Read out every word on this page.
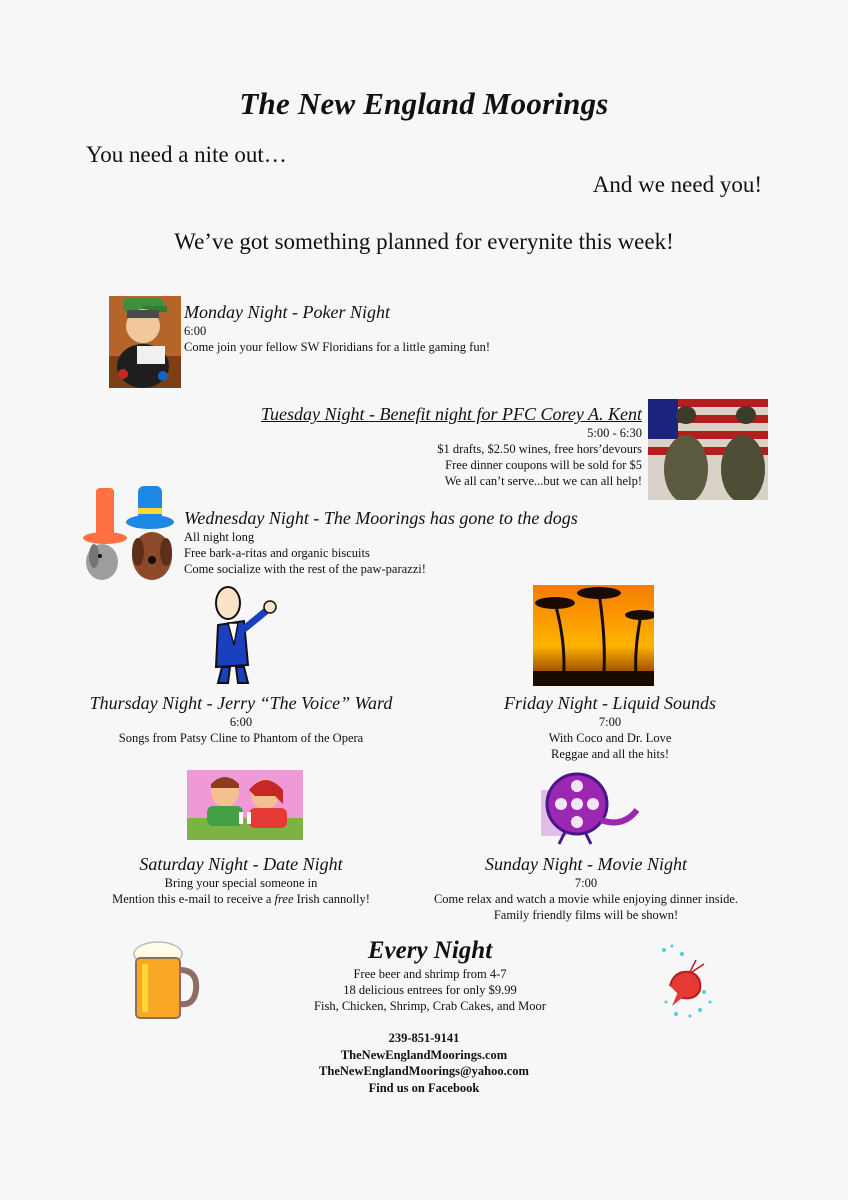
The New England Moorings
You need a nite out…
And we need you!
We’ve got something planned for everynite this week!
Monday Night - Poker Night
6:00
Come join your fellow SW Floridians for a little gaming fun!
Tuesday Night - Benefit night for PFC Corey A. Kent
5:00 - 6:30
$1 drafts, $2.50 wines, free hors’devours
Free dinner coupons will be sold for $5
We all can’t serve...but we can all help!
Wednesday Night - The Moorings has gone to the dogs
All night long
Free bark-a-ritas and organic biscuits
Come socialize with the rest of the paw-parazzi!
Thursday Night - Jerry “The Voice” Ward
6:00
Songs from Patsy Cline to Phantom of the Opera
Friday Night - Liquid Sounds
7:00
With Coco and Dr. Love
Reggae and all the hits!
Saturday Night - Date Night
Bring your special someone in
Mention this e-mail to receive a free Irish cannolly!
Sunday Night - Movie Night
7:00
Come relax and watch a movie while enjoying dinner inside.
Family friendly films will be shown!
Every Night
Free beer and shrimp from 4-7
18 delicious entrees for only $9.99
Fish, Chicken, Shrimp, Crab Cakes, and Moor
239-851-9141
TheNewEnglandMoorings.com
TheNewEnglandMoorings@yahoo.com
Find us on Facebook
